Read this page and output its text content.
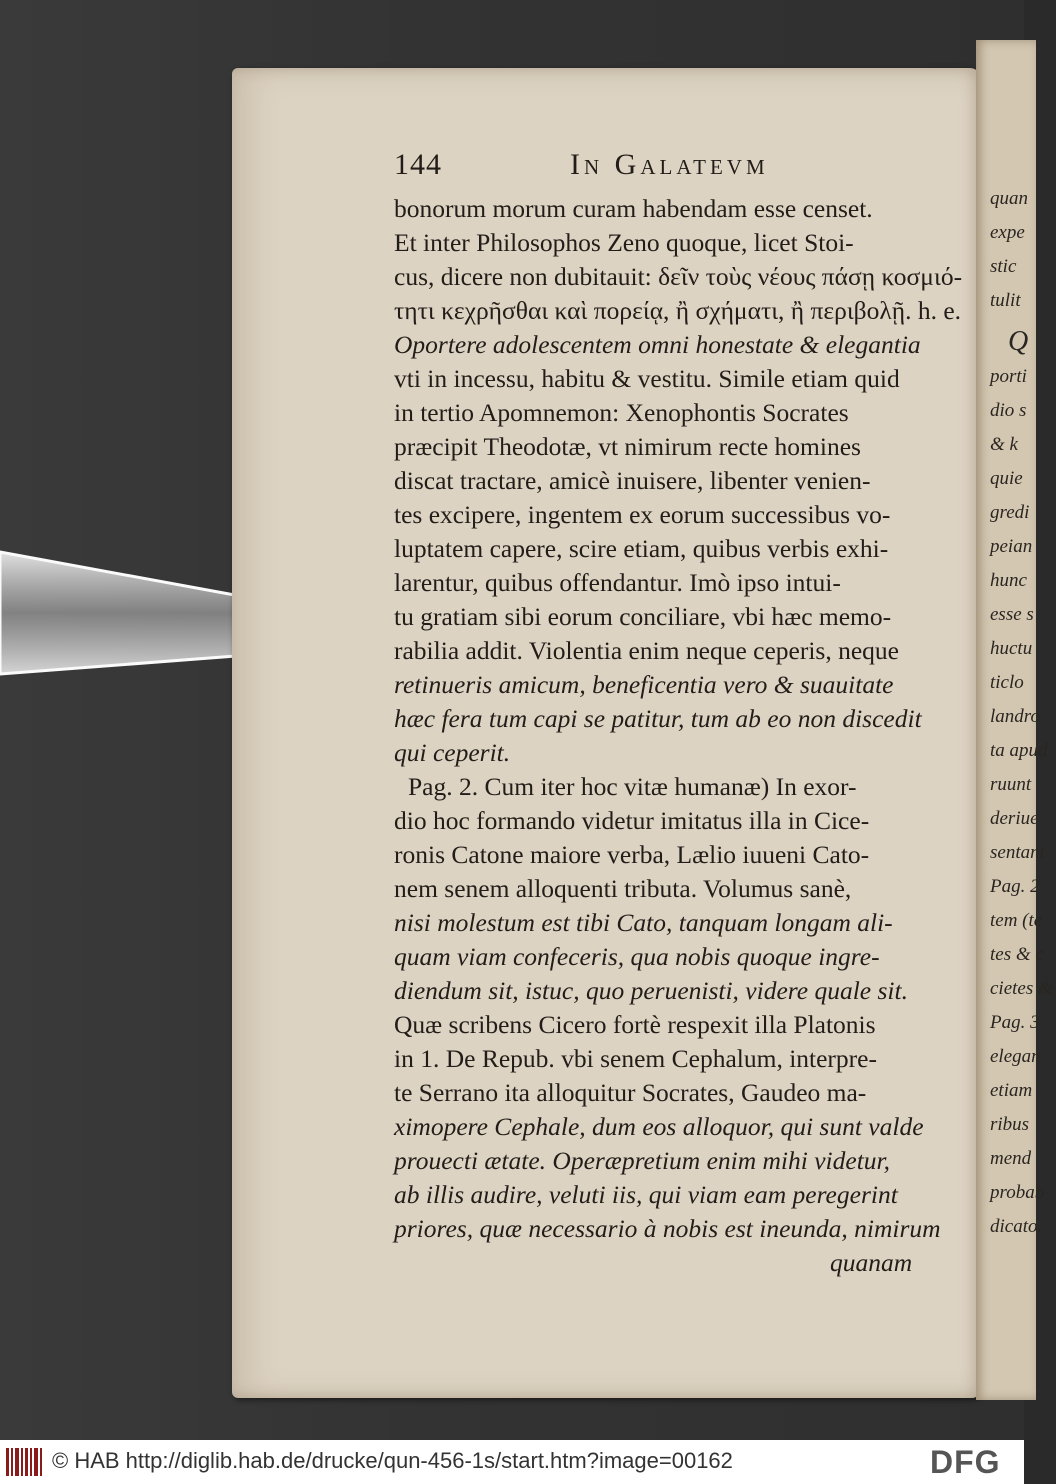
144	In Galatevm
bonorum morum curam habendam esse censet.
Et inter Philosophos Zeno quoque, licet Stoi-
cus, dicere non dubitauit: δεῖν τοὺς νέους πάσῃ κοσμιό-
τητι κεχρῆσθαι καὶ πορείᾳ, ἢ σχήματι, ἢ περιβολῇ. h. e.
Oportere adolescentem omni honestate & elegantia
vti in incessu, habitu & vestitu. Simile etiam quid
in tertio Apomnemon: Xenophontis Socrates
præcipit Theodotæ, vt nimirum recte homines
discat tractare, amicè inuisere, libenter venien-
tes excipere, ingentem ex eorum successibus vo-
luptatem capere, scire etiam, quibus verbis exhi-
larentur, quibus offendantur. Imò ipso intui-
tu gratiam sibi eorum conciliare, vbi hæc memo-
rabilia addit. Violentia enim neque ceperis, neque
retinueris amicum, beneficentia vero & suauitate
hæc fera tum capi se patitur, tum ab eo non discedit
qui ceperit.
Pag. 2. Cum iter hoc vitæ humanæ) In exor-
dio hoc formando videtur imitatus illa in Cice-
ronis Catone maiore verba, Lælio iuueni Cato-
nem senem alloquenti tributa. Volumus sanè,
nisi molestum est tibi Cato, tanquam longam ali-
quam viam confeceris, qua nobis quoque ingre-
diendum sit, istuc, quo peruenisti, videre quale sit.
Quæ scribens Cicero fortè respexit illa Platonis
in 1. De Repub. vbi senem Cephalum, interpre-
te Serrano ita alloquitur Socrates, Gaudeo ma-
ximopere Cephale, dum eos alloquor, qui sunt valde
prouecti ætate. Operæpretium enim mihi videtur,
ab illis audire, veluti iis, qui viam eam peregerint
priores, quæ necessario à nobis est ineunda, nimirum
quanam
quan
expe
stic
tulit
Q
porti
dio s
& k
quie
gredi
peian
hunc
esse s
huctu
ticlo
landro
ta apud
ruunt
deriue
sentant
Pag. 2
tem (te
tes & c
cietes &
Pag. 3
elegan
etiam
ribus
mend
probab
dicato.
© HAB http://diglib.hab.de/drucke/qun-456-1s/start.htm?image=00162	DFG
